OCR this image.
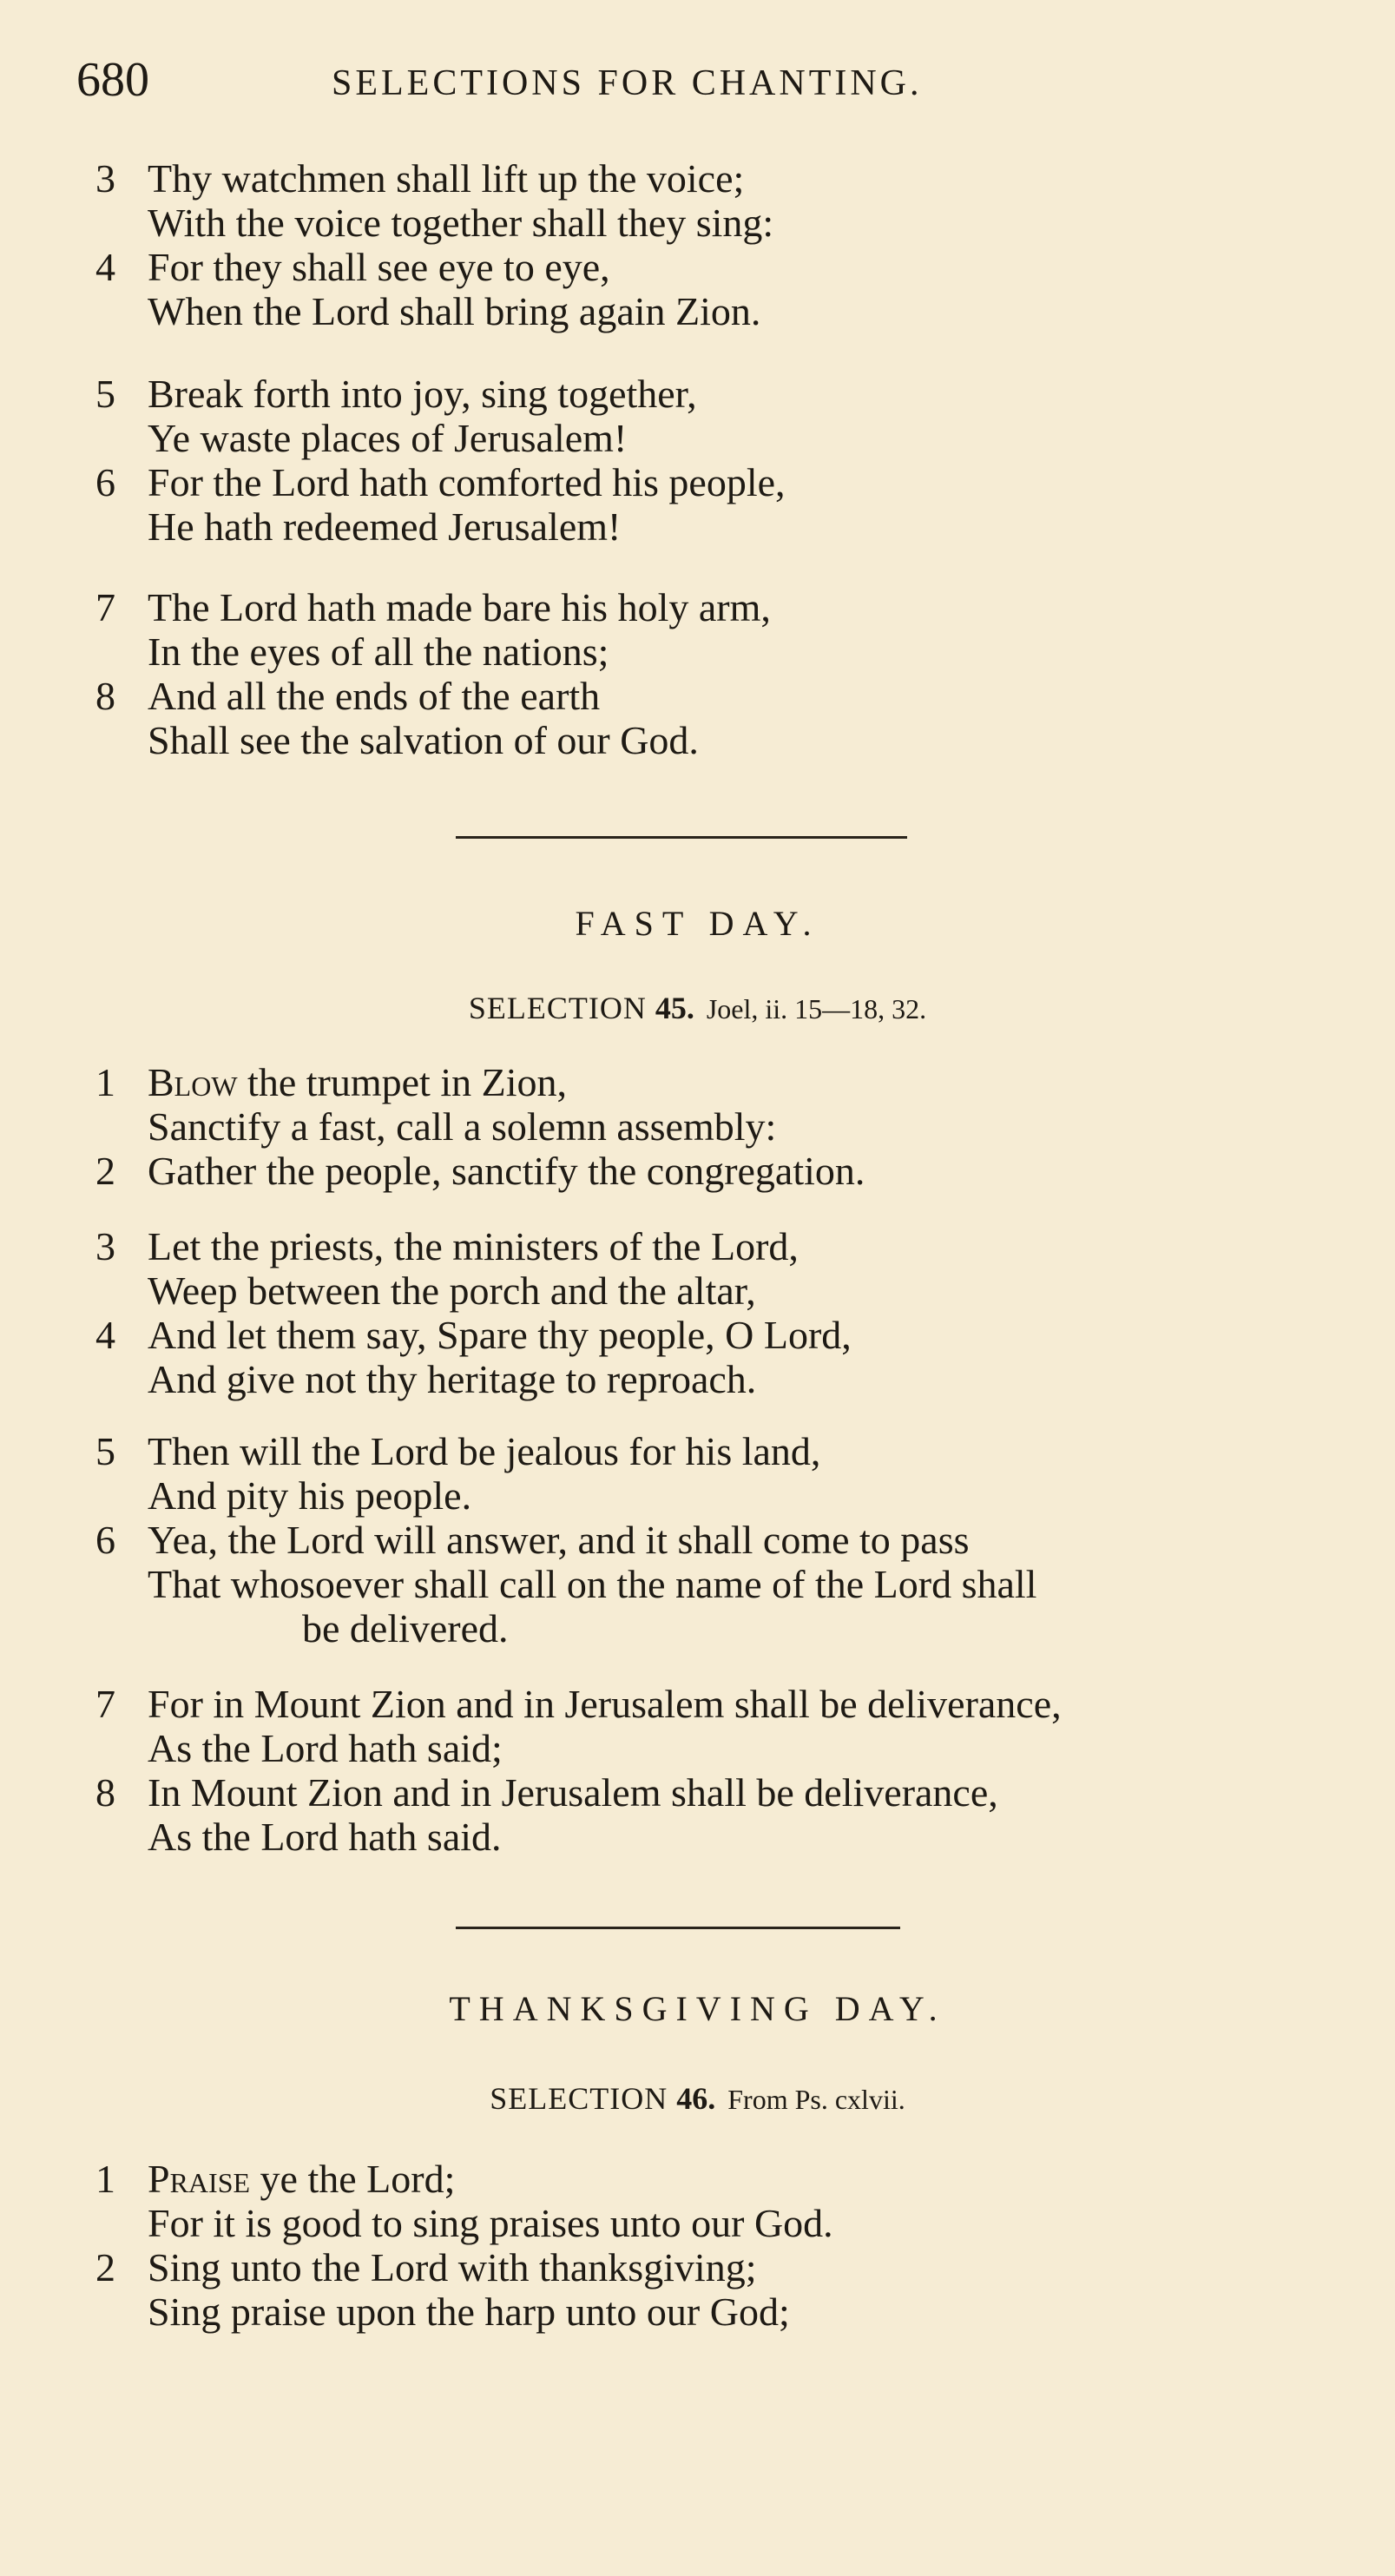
680	SELECTIONS FOR CHANTING.
3 Thy watchmen shall lift up the voice;
With the voice together shall they sing:
4 For they shall see eye to eye,
When the Lord shall bring again Zion.
5 Break forth into joy, sing together,
Ye waste places of Jerusalem!
6 For the Lord hath comforted his people,
He hath redeemed Jerusalem!
7 The Lord hath made bare his holy arm,
In the eyes of all the nations;
8 And all the ends of the earth
Shall see the salvation of our God.
FAST DAY.
SELECTION 45. Joel, ii. 15—18, 32.
1 Blow the trumpet in Zion,
Sanctify a fast, call a solemn assembly:
2 Gather the people, sanctify the congregation.
3 Let the priests, the ministers of the Lord,
Weep between the porch and the altar,
4 And let them say, Spare thy people, O Lord,
And give not thy heritage to reproach.
5 Then will the Lord be jealous for his land,
And pity his people.
6 Yea, the Lord will answer, and it shall come to pass
That whosoever shall call on the name of the Lord shall
be delivered.
7 For in Mount Zion and in Jerusalem shall be deliverance,
As the Lord hath said;
8 In Mount Zion and in Jerusalem shall be deliverance,
As the Lord hath said.
THANKSGIVING DAY.
SELECTION 46. From Ps. cxlvii.
1 Praise ye the Lord;
For it is good to sing praises unto our God.
2 Sing unto the Lord with thanksgiving;
Sing praise upon the harp unto our God;
